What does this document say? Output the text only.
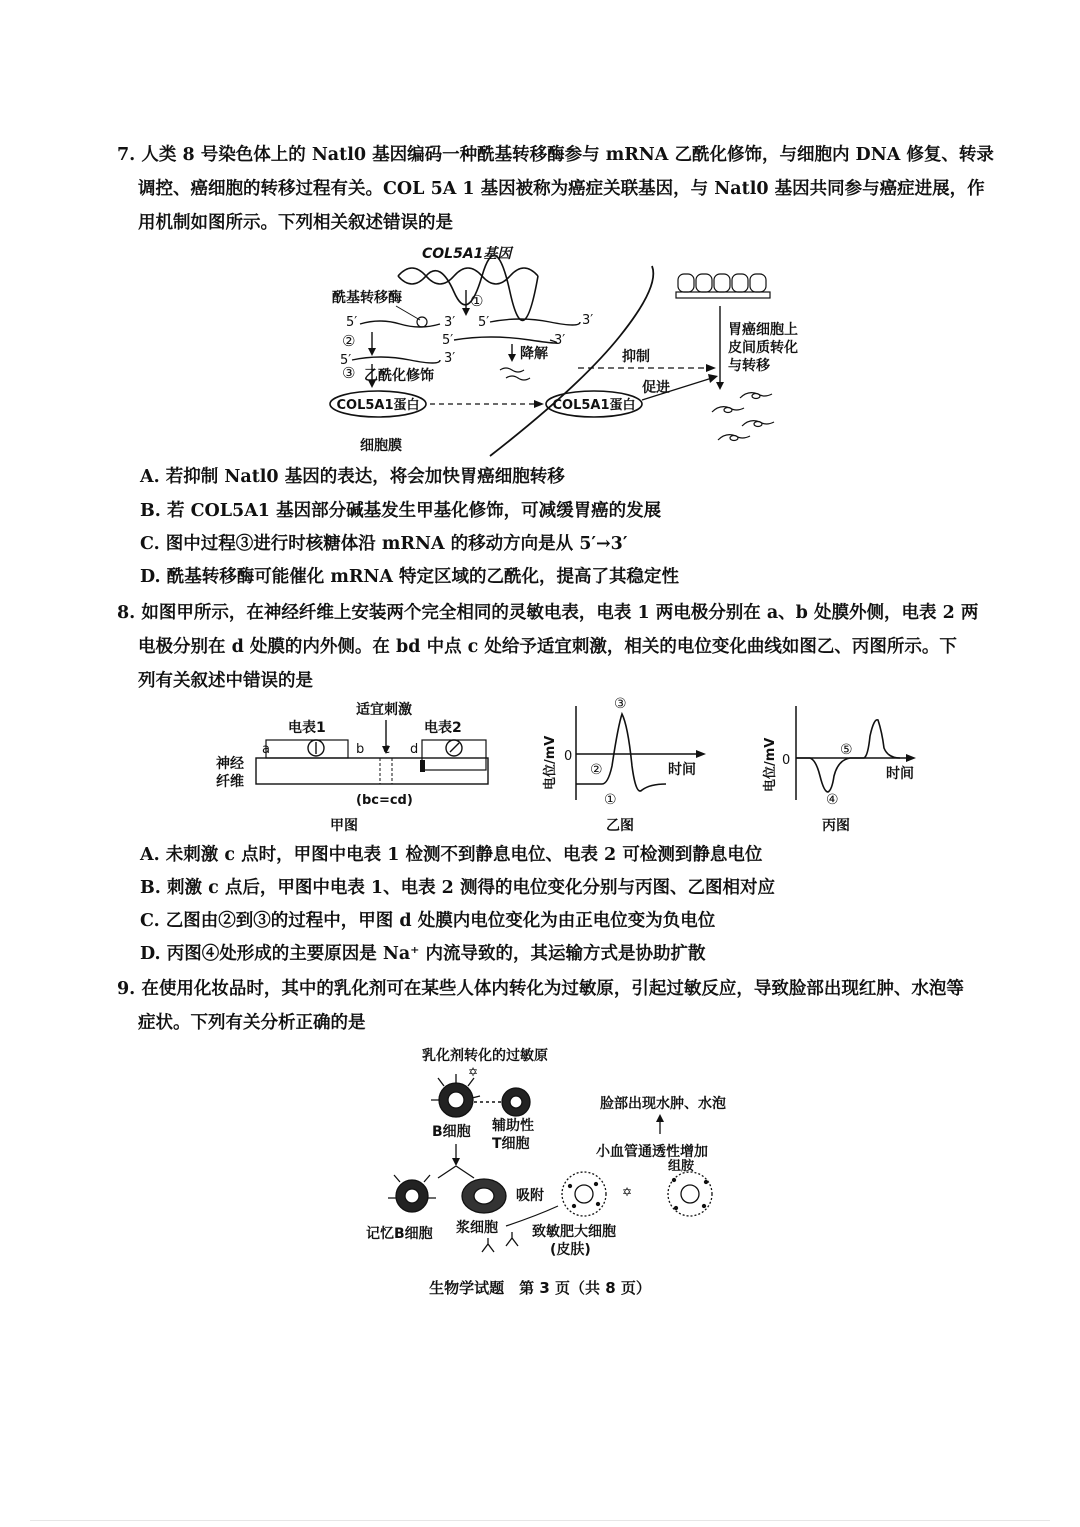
7. 人类 8 号染色体上的 Natl0 基因编码一种酰基转移酶参与 mRNA 乙酰化修饰，与细胞内 DNA 修复、转录
调控、癌细胞的转移过程有关。COL 5A 1 基因被称为癌症关联基因，与 Natl0 基因共同参与癌症进展，作
用机制如图所示。下列相关叙述错误的是
COL5A1基因
①
酰基转移酶
5′	3′ 5′
5′	3′
3′
②
5′	3′	降解
③ 乙酰化修饰
COL5A1蛋白	COL5A1蛋白
细胞膜
抑制
促进
胃癌细胞上
皮间质转化
与转移
A. 若抑制 Natl0 基因的表达，将会加快胃癌细胞转移
B. 若 COL5A1 基因部分碱基发生甲基化修饰，可减缓胃癌的发展
C. 图中过程③进行时核糖体沿 mRNA 的移动方向是从 5′→3′
D. 酰基转移酶可能催化 mRNA 特定区域的乙酰化，提高了其稳定性
8. 如图甲所示，在神经纤维上安装两个完全相同的灵敏电表，电表 1 两电极分别在 a、b 处膜外侧，电表 2 两
电极分别在 d 处膜的内外侧。在 bd 中点 c 处给予适宜刺激，相关的电位变化曲线如图乙、丙图所示。下
列有关叙述中错误的是
适宜刺激
电表1	电表2
a	b c d
神经
纤维
(bc=cd)
甲图
电位/mV 0
时间
③
②
①
乙图
电位/mV 0
时间
④
⑤
丙图
A. 未刺激 c 点时，甲图中电表 1 检测不到静息电位、电表 2 可检测到静息电位
B. 刺激 c 点后，甲图中电表 1、电表 2 测得的电位变化分别与丙图、乙图相对应
C. 乙图由②到③的过程中，甲图 d 处膜内电位变化为由正电位变为负电位
D. 丙图④处形成的主要原因是 Na⁺ 内流导致的，其运输方式是协助扩散
9. 在使用化妆品时，其中的乳化剂可在某些人体内转化为过敏原，引起过敏反应，导致脸部出现红肿、水泡等
症状。下列有关分析正确的是
乳化剂转化的过敏原
✡
B细胞 辅助性
T细胞
记忆B细胞 浆细胞
吸附
致敏肥大细胞
(皮肤)
✡
组胺
小血管通透性增加
脸部出现水肿、水泡
生物学试题　第 3 页（共 8 页）
